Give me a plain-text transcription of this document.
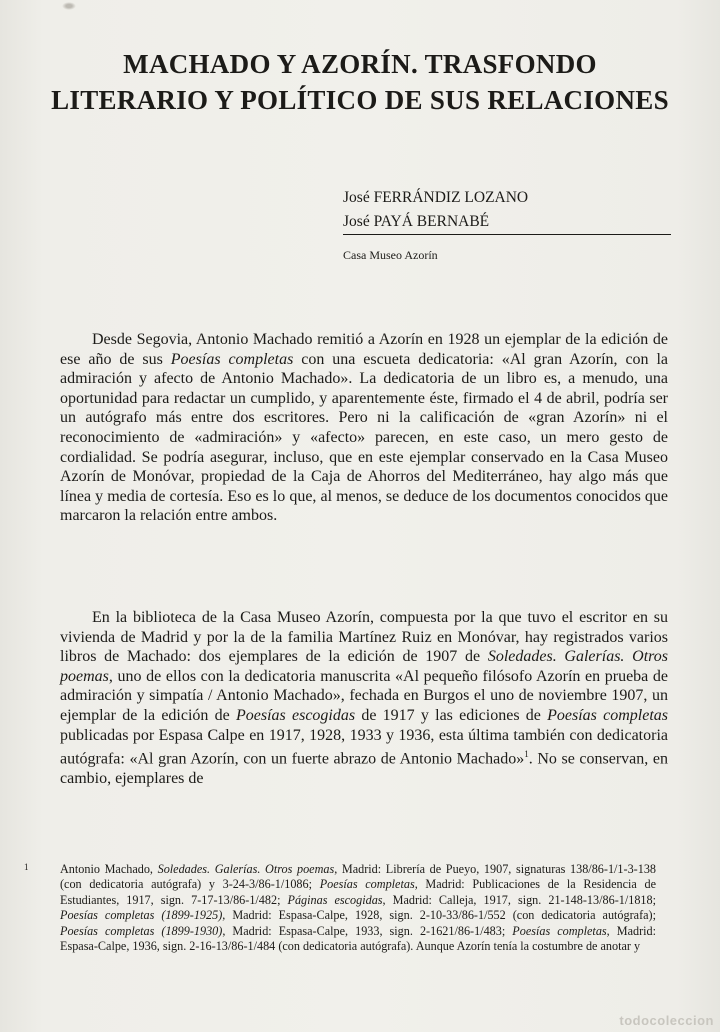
MACHADO Y AZORÍN. TRASFONDO
LITERARIO Y POLÍTICO DE SUS RELACIONES
José FERRÁNDIZ LOZANO
José PAYÁ BERNABÉ
Casa Museo Azorín
Desde Segovia, Antonio Machado remitió a Azorín en 1928 un ejemplar de la edición de ese año de sus Poesías completas con una escueta dedicatoria: «Al gran Azorín, con la admiración y afecto de Antonio Machado». La dedicatoria de un libro es, a menudo, una oportunidad para redactar un cumplido, y aparentemente éste, firmado el 4 de abril, podría ser un autógrafo más entre dos escritores. Pero ni la calificación de «gran Azorín» ni el reconocimiento de «admiración» y «afecto» parecen, en este caso, un mero gesto de cordialidad. Se podría asegurar, incluso, que en este ejemplar conservado en la Casa Museo Azorín de Monóvar, propiedad de la Caja de Ahorros del Mediterráneo, hay algo más que línea y media de cortesía. Eso es lo que, al menos, se deduce de los documentos conocidos que marcaron la relación entre ambos.
En la biblioteca de la Casa Museo Azorín, compuesta por la que tuvo el escritor en su vivienda de Madrid y por la de la familia Martínez Ruiz en Monóvar, hay registrados varios libros de Machado: dos ejemplares de la edición de 1907 de Soledades. Galerías. Otros poemas, uno de ellos con la dedicatoria manuscrita «Al pequeño filósofo Azorín en prueba de admiración y simpatía / Antonio Machado», fechada en Burgos el uno de noviembre 1907, un ejemplar de la edición de Poesías escogidas de 1917 y las ediciones de Poesías completas publicadas por Espasa Calpe en 1917, 1928, 1933 y 1936, esta última también con dedicatoria autógrafa: «Al gran Azorín, con un fuerte abrazo de Antonio Machado»$^1$. No se conservan, en cambio, ejemplares de
1	Antonio Machado, Soledades. Galerías. Otros poemas, Madrid: Librería de Pueyo, 1907, signaturas 138/86-1/1-3-138 (con dedicatoria autógrafa) y 3-24-3/86-1/1086; Poesías completas, Madrid: Publicaciones de la Residencia de Estudiantes, 1917, sign. 7-17-13/86-1/482; Páginas escogidas, Madrid: Calleja, 1917, sign. 21-148-13/86-1/1818; Poesías completas (1899-1925), Madrid: Espasa-Calpe, 1928, sign. 2-10-33/86-1/552 (con dedicatoria autógrafa); Poesías completas (1899-1930), Madrid: Espasa-Calpe, 1933, sign. 2-1621/86-1/483; Poesías completas, Madrid: Espasa-Calpe, 1936, sign. 2-16-13/86-1/484 (con dedicatoria autógrafa). Aunque Azorín tenía la costumbre de anotar y
todocoleccion
